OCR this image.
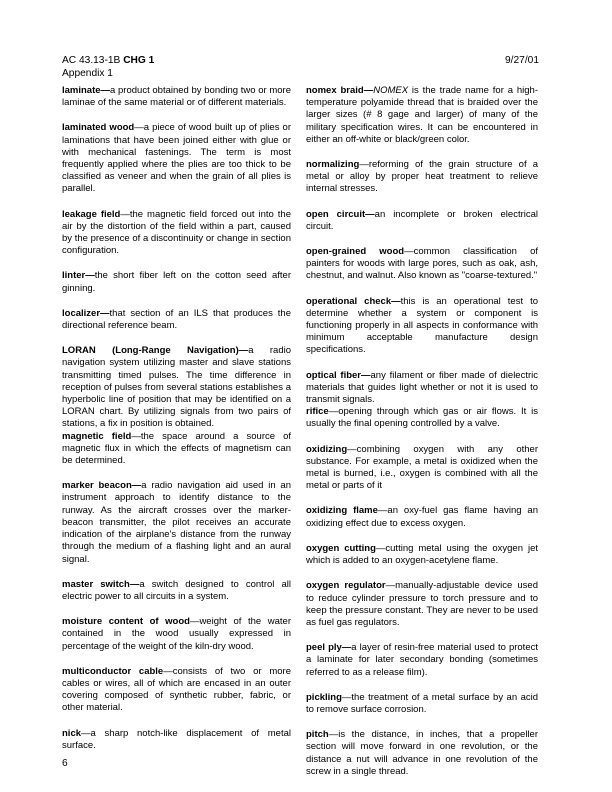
AC 43.13-1B CHG 1
Appendix 1
9/27/01

laminate—a product obtained by bonding two or more laminae of the same material or of different materials.

laminated wood—a piece of wood built up of plies or laminations that have been joined either with glue or with mechanical fastenings. The term is most frequently applied where the plies are too thick to be classified as veneer and when the grain of all plies is parallel.

leakage field—the magnetic field forced out into the air by the distortion of the field within a part, caused by the presence of a discontinuity or change in section configuration.

linter—the short fiber left on the cotton seed after ginning.

localizer—that section of an ILS that produces the directional reference beam.

LORAN (Long-Range Navigation)—a radio navigation system utilizing master and slave stations transmitting timed pulses. The time difference in reception of pulses from several stations establishes a hyperbolic line of position that may be identified on a LORAN chart. By utilizing signals from two pairs of stations, a fix in position is obtained.

magnetic field—the space around a source of magnetic flux in which the effects of magnetism can be determined.

marker beacon—a radio navigation aid used in an instrument approach to identify distance to the runway. As the aircraft crosses over the marker-beacon transmitter, the pilot receives an accurate indication of the airplane's distance from the runway through the medium of a flashing light and an aural signal.

master switch—a switch designed to control all electric power to all circuits in a system.

moisture content of wood—weight of the water contained in the wood usually expressed in percentage of the weight of the kiln-dry wood.

multiconductor cable—consists of two or more cables or wires, all of which are encased in an outer covering composed of synthetic rubber, fabric, or other material.

nick—a sharp notch-like displacement of metal surface.

nomex braid—NOMEX is the trade name for a high-temperature polyamide thread that is braided over the larger sizes (# 8 gage and larger) of many of the military specification wires. It can be encountered in either an off-white or black/green color.

normalizing—reforming of the grain structure of a metal or alloy by proper heat treatment to relieve internal stresses.

open circuit—an incomplete or broken electrical circuit.

open-grained wood—common classification of painters for woods with large pores, such as oak, ash, chestnut, and walnut. Also known as "coarse-textured."

operational check—this is an operational test to determine whether a system or component is functioning properly in all aspects in conformance with minimum acceptable manufacture design specifications.

optical fiber—any filament or fiber made of dielectric materials that guides light whether or not it is used to transmit signals.

rifice—opening through which gas or air flows. It is usually the final opening controlled by a valve.

oxidizing—combining oxygen with any other substance. For example, a metal is oxidized when the metal is burned, i.e., oxygen is combined with all the metal or parts of it

oxidizing flame—an oxy-fuel gas flame having an oxidizing effect due to excess oxygen.

oxygen cutting—cutting metal using the oxygen jet which is added to an oxygen-acetylene flame.

oxygen regulator—manually-adjustable device used to reduce cylinder pressure to torch pressure and to keep the pressure constant. They are never to be used as fuel gas regulators.

peel ply—a layer of resin-free material used to protect a laminate for later secondary bonding (sometimes referred to as a release film).

pickling—the treatment of a metal surface by an acid to remove surface corrosion.

pitch—is the distance, in inches, that a propeller section will move forward in one revolution, or the distance a nut will advance in one revolution of the screw in a single thread.

6
